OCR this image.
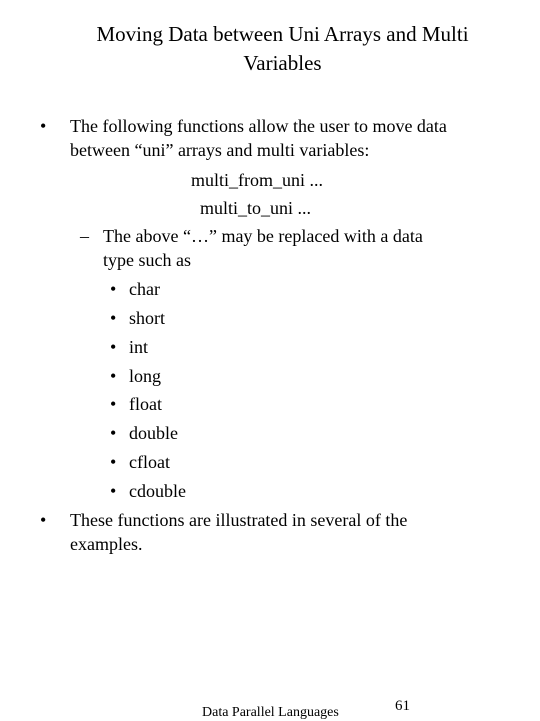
Moving Data between Uni Arrays and Multi
Variables
• The following functions allow the user to move data
between “uni” arrays and multi variables:
multi_from_uni ...
multi_to_uni ...
– The above “…” may be replaced with a data
type such as
• char
• short
• int
• long
• float
• double
• cfloat
• cdouble
• These functions are illustrated in several of the
examples.
Data Parallel Languages	61
